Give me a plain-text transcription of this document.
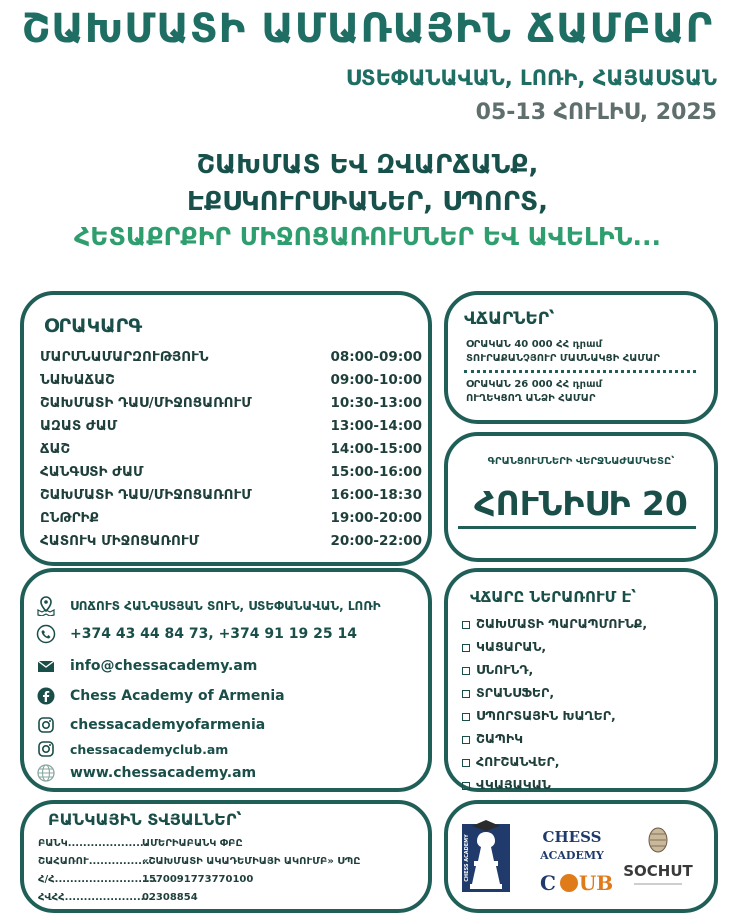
ՇԱԽՄԱՏԻ ԱՄԱՌԱՅԻՆ ՃԱՄԲԱՐ
ՍՏԵՓԱՆԱՎԱՆ, ԼՈՌԻ, ՀԱՅԱՍՏԱՆ
05-13 ՀՈՒԼԻՍ, 2025
ՇԱԽՄԱՏ ԵՎ ԶՎԱՐՃԱՆՔ,
ԷՔՍԿՈՒՐՍԻԱՆԵՐ, ՍՊՈՐՏ,
ՀԵՏԱՔՐՔԻՐ ՄԻՋՈՑԱՌՈՒՄՆԵՐ ԵՎ ԱՎԵԼԻՆ...
ՕՐԱԿԱՐԳ
ՄԱՐՄՆԱՄԱՐԶՈՒԹՅՈՒՆ	08:00-09:00
ՆԱԽԱՃԱՇ	09:00-10:00
ՇԱԽՄԱՏԻ ԴԱՍ/ՄԻՋՈՑԱՌՈՒՄ	10:30-13:00
ԱԶԱՏ ԺԱՄ	13:00-14:00
ՃԱՇ	14:00-15:00
ՀԱՆԳՍՏԻ ԺԱՄ	15:00-16:00
ՇԱԽՄԱՏԻ ԴԱՍ/ՄԻՋՈՑԱՌՈՒՄ	16:00-18:30
ԸՆԹՐԻՔ	19:00-20:00
ՀԱՏՈՒԿ ՄԻՋՈՑԱՌՈՒՄ	20:00-22:00
ՎՃԱՐՆԵՐ՝
ՕՐԱԿԱՆ 40 000 ՀՀ դրամ
ՏՈՒՐԱՔԱՆՉՅՈՒՐ ՄԱՍՆԱԿՑԻ ՀԱՄԱՐ
ՕՐԱԿԱՆ 26 000 ՀՀ դրամ
ՈՒՂԵԿՑՈՂ ԱՆՁԻ ՀԱՄԱՐ
ԳՐԱՆՑՈՒՄՆԵՐԻ ՎԵՐՋՆԱԺԱՄԿԵՏԸ՝
ՀՈՒՆԻՍԻ 20
ՍՈՃՈՒՏ ՀԱՆԳՍՏՅԱՆ ՏՈՒՆ, ՍՏԵՓԱՆԱՎԱՆ, ԼՈՌԻ
+374 43 44 84 73, +374 91 19 25 14
info@chessacademy.am
Chess Academy of Armenia
chessacademyofarmenia
chessacademyclub.am
www.chessacademy.am
ՎՃԱՐԸ ՆԵՐԱՌՈՒՄ Է՝
ՇԱԽՄԱՏԻ ՊԱՐԱՊՄՈՒՆՔ,
ԿԱՑԱՐԱՆ,
ՍՆՈՒՆԴ,
ՏՐԱՆՍՖԵՐ,
ՍՊՈՐՏԱՅԻՆ ԽԱՂԵՐ,
ՇԱՊԻԿ
ՀՈՒՇԱՆՎԵՐ,
ՎԿԱՅԱԿԱՆ
ԲԱՆԿԱՅԻՆ ՏՎՅԱԼՆԵՐ՝
ԲԱՆԿ.....................ԱՄԵՐԻԱԲԱՆԿ ՓԲԸ
ՇԱՀԱՌՈՒ.................«ՇԱԽՄԱՏԻ ԱԿԱԴԵՄԻԱՅԻ ԱԿՈՒՄԲ» ՍՊԸ
Հ/Հ...........................1570091773770100
ՀՎՀՀ.......................02308854
CHESS ACADEMY	CHESS
ACADEMY
C UB SOCHUT
